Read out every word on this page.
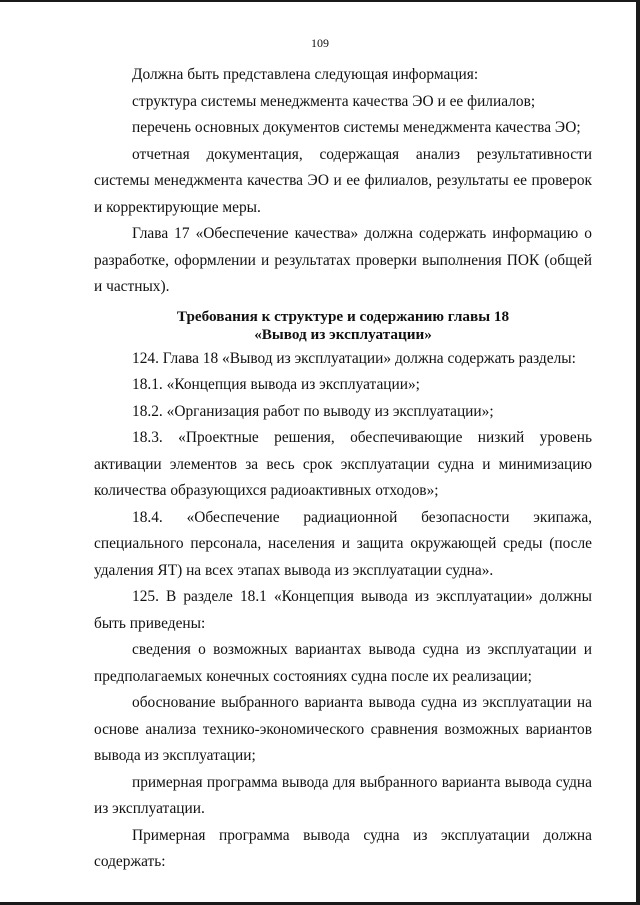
109

Должна быть представлена следующая информация:

структура системы менеджмента качества ЭО и ее филиалов;

перечень основных документов системы менеджмента качества ЭО;

отчетная документация, содержащая анализ результативности системы менеджмента качества ЭО и ее филиалов, результаты ее проверок и корректирующие меры.

Глава 17 «Обеспечение качества» должна содержать информацию о разработке, оформлении и результатах проверки выполнения ПОК (общей и частных).

Требования к структуре и содержанию главы 18
«Вывод из эксплуатации»

124. Глава 18 «Вывод из эксплуатации» должна содержать разделы:

18.1. «Концепция вывода из эксплуатации»;

18.2. «Организация работ по выводу из эксплуатации»;

18.3. «Проектные решения, обеспечивающие низкий уровень активации элементов за весь срок эксплуатации судна и минимизацию количества образующихся радиоактивных отходов»;

18.4. «Обеспечение радиационной безопасности экипажа, специального персонала, населения и защита окружающей среды (после удаления ЯТ) на всех этапах вывода из эксплуатации судна».

125. В разделе 18.1 «Концепция вывода из эксплуатации» должны быть приведены:

сведения о возможных вариантах вывода судна из эксплуатации и предполагаемых конечных состояниях судна после их реализации;

обоснование выбранного варианта вывода судна из эксплуатации на основе анализа технико-экономического сравнения возможных вариантов вывода из эксплуатации;

примерная программа вывода для выбранного варианта вывода судна из эксплуатации.

Примерная программа вывода судна из эксплуатации должна содержать:
